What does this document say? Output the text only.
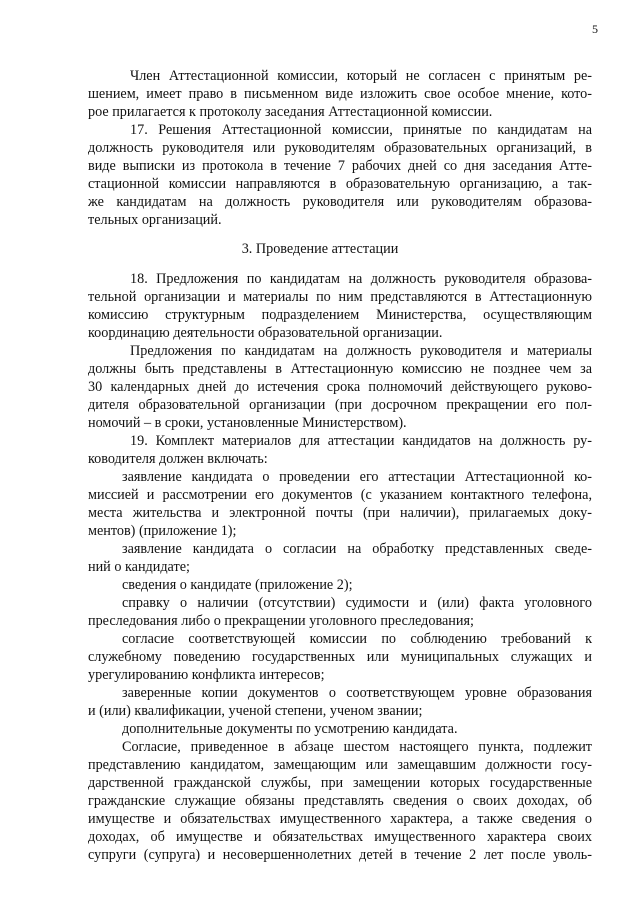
5
Член Аттестационной комиссии, который не согласен с принятым ре-
шением, имеет право в письменном виде изложить свое особое мнение, кото-
рое прилагается к протоколу заседания Аттестационной комиссии.
17. Решения Аттестационной комиссии, принятые по кандидатам на
должность руководителя или руководителям образовательных организаций, в
виде выписки из протокола в течение 7 рабочих дней со дня заседания Атте-
стационной комиссии направляются в образовательную организацию, а так-
же кандидатам на должность руководителя или руководителям образова-
тельных организаций.
3. Проведение аттестации
18. Предложения по кандидатам на должность руководителя образова-
тельной организации и материалы по ним представляются в Аттестационную
комиссию структурным подразделением Министерства, осуществляющим
координацию деятельности образовательной организации.
Предложения по кандидатам на должность руководителя и материалы
должны быть представлены в Аттестационную комиссию не позднее чем за
30 календарных дней до истечения срока полномочий действующего руково-
дителя образовательной организации (при досрочном прекращении его пол-
номочий – в сроки, установленные Министерством).
19. Комплект материалов для аттестации кандидатов на должность ру-
ководителя должен включать:
заявление кандидата о проведении его аттестации Аттестационной ко-
миссией и рассмотрении его документов (с указанием контактного телефона,
места жительства и электронной почты (при наличии), прилагаемых доку-
ментов) (приложение 1);
заявление кандидата о согласии на обработку представленных сведе-
ний о кандидате;
сведения о кандидате (приложение 2);
справку о наличии (отсутствии) судимости и (или) факта уголовного
преследования либо о прекращении уголовного преследования;
согласие соответствующей комиссии по соблюдению требований к
служебному поведению государственных или муниципальных служащих и
урегулированию конфликта интересов;
заверенные копии документов о соответствующем уровне образования
и (или) квалификации, ученой степени, ученом звании;
дополнительные документы по усмотрению кандидата.
Согласие, приведенное в абзаце шестом настоящего пункта, подлежит
представлению кандидатом, замещающим или замещавшим должности госу-
дарственной гражданской службы, при замещении которых государственные
гражданские служащие обязаны представлять сведения о своих доходах, об
имуществе и обязательствах имущественного характера, а также сведения о
доходах, об имуществе и обязательствах имущественного характера своих
супруги (супруга) и несовершеннолетних детей в течение 2 лет после уволь-
